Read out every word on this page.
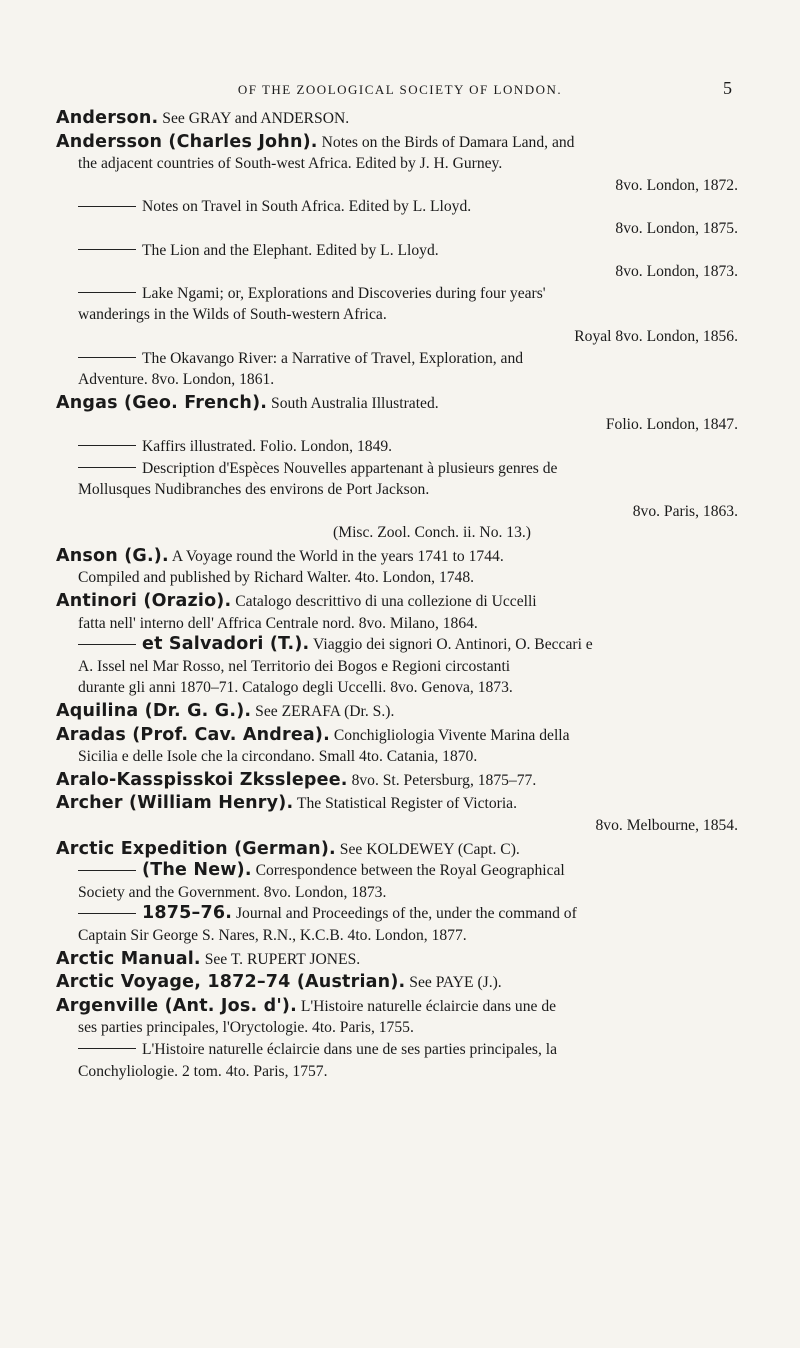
OF THE ZOOLOGICAL SOCIETY OF LONDON.	5
Anderson. See GRAY and ANDERSON.
Andersson (Charles John). Notes on the Birds of Damara Land, and
the adjacent countries of South-west Africa. Edited by J. H. Gurney.
8vo. London, 1872.
Notes on Travel in South Africa. Edited by L. Lloyd.
8vo. London, 1875.
The Lion and the Elephant. Edited by L. Lloyd.
8vo. London, 1873.
Lake Ngami; or, Explorations and Discoveries during four years'
wanderings in the Wilds of South-western Africa.
Royal 8vo. London, 1856.
The Okavango River: a Narrative of Travel, Exploration, and
Adventure. 8vo. London, 1861.
Angas (Geo. French). South Australia Illustrated.
Folio. London, 1847.
Kaffirs illustrated. Folio. London, 1849.
Description d'Espèces Nouvelles appartenant à plusieurs genres de
Mollusques Nudibranches des environs de Port Jackson.
8vo. Paris, 1863.
(Misc. Zool. Conch. ii. No. 13.)
Anson (G.). A Voyage round the World in the years 1741 to 1744.
Compiled and published by Richard Walter. 4to. London, 1748.
Antinori (Orazio). Catalogo descrittivo di una collezione di Uccelli
fatta nell' interno dell' Affrica Centrale nord. 8vo. Milano, 1864.
et Salvadori (T.). Viaggio dei signori O. Antinori, O. Beccari e
A. Issel nel Mar Rosso, nel Territorio dei Bogos e Regioni circostanti
durante gli anni 1870–71. Catalogo degli Uccelli. 8vo. Genova, 1873.
Aquilina (Dr. G. G.). See ZERAFA (Dr. S.).
Aradas (Prof. Cav. Andrea). Conchigliologia Vivente Marina della
Sicilia e delle Isole che la circondano. Small 4to. Catania, 1870.
Aralo-Kasspisskoi Zksslepee. 8vo. St. Petersburg, 1875–77.
Archer (William Henry). The Statistical Register of Victoria.
8vo. Melbourne, 1854.
Arctic Expedition (German). See KOLDEWEY (Capt. C).
(The New). Correspondence between the Royal Geographical
Society and the Government. 8vo. London, 1873.
1875–76. Journal and Proceedings of the, under the command of
Captain Sir George S. Nares, R.N., K.C.B. 4to. London, 1877.
Arctic Manual. See T. RUPERT JONES.
Arctic Voyage, 1872–74 (Austrian). See PAYE (J.).
Argenville (Ant. Jos. d'). L'Histoire naturelle éclaircie dans une de
ses parties principales, l'Oryctologie. 4to. Paris, 1755.
L'Histoire naturelle éclaircie dans une de ses parties principales, la
Conchyliologie. 2 tom. 4to. Paris, 1757.
